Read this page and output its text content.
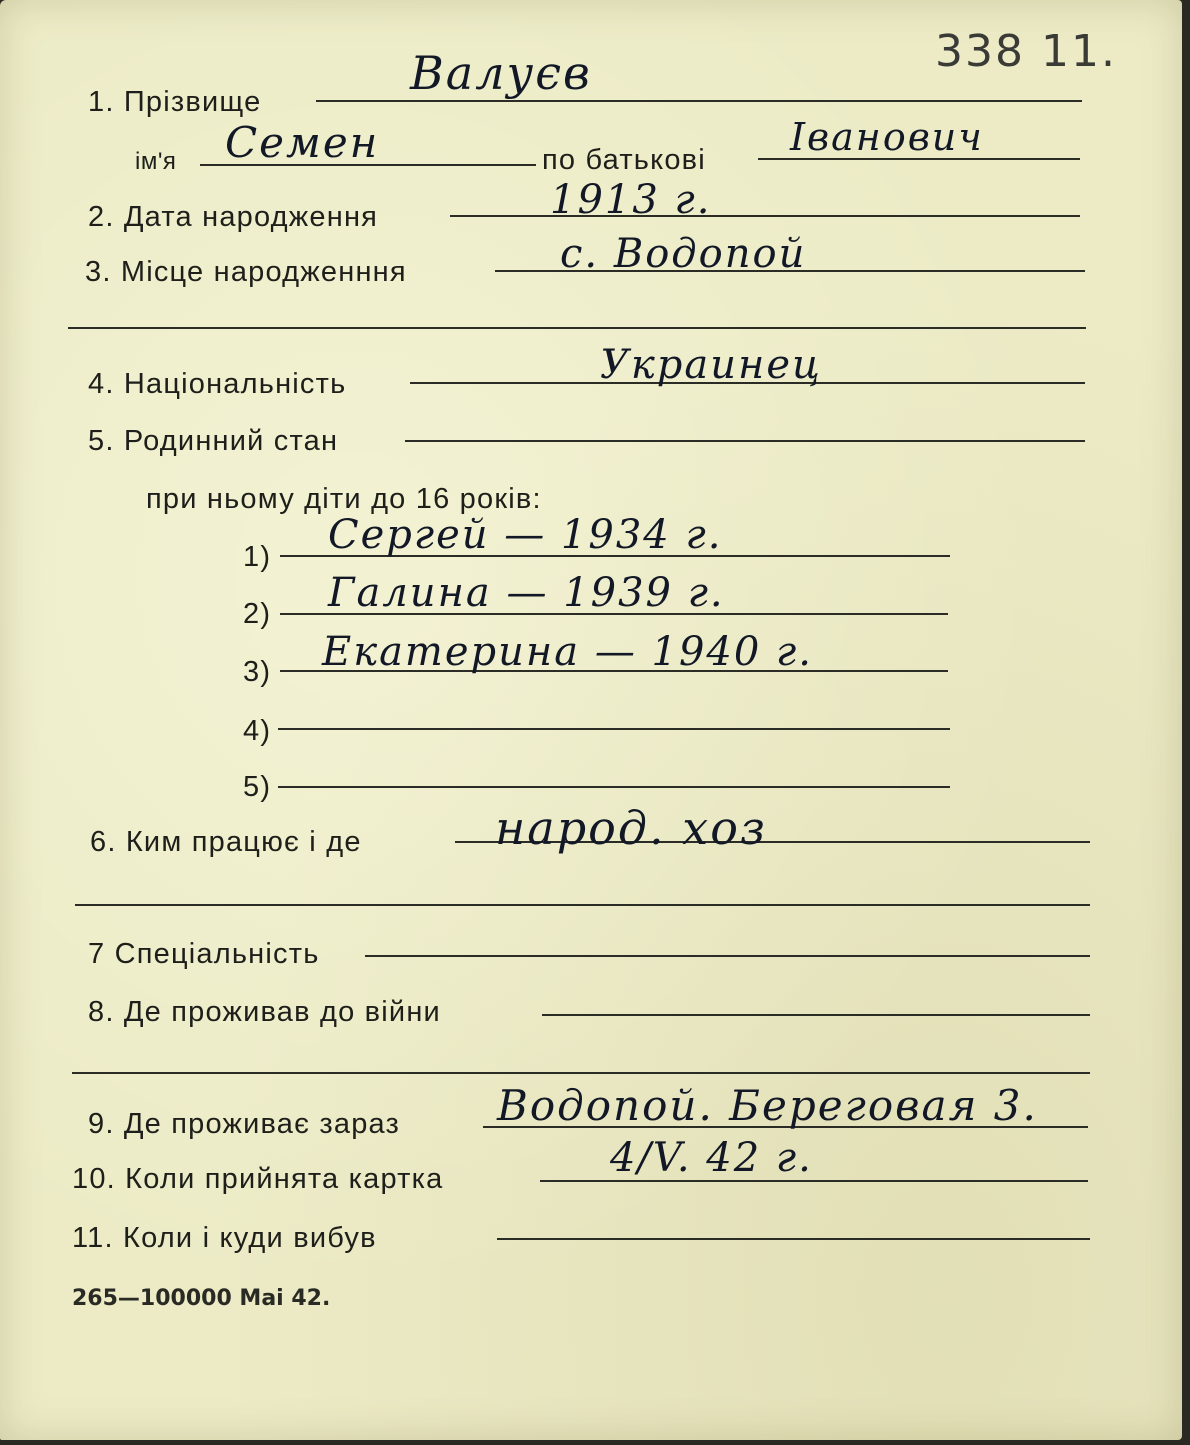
338 11.
1. Прізвище
Валуєв
ім'я Семен	по батькові
Іванович
2. Дата народження	1913 г.
3. Місце народженння	с. Водопой
4. Національність	Украинец
5. Родинний стан
при ньому діти до 16 років:
1) Сергей — 1934 г.
2) Галина — 1939 г.
3) Екатерина — 1940 г.
4)
5)
6. Ким працює і де	народ. хоз
7 Спеціальність
8. Де проживав до війни
9. Де проживає зараз Водопой. Береговая 3.
10. Коли прийнята картка	4/V. 42 г.
11. Коли і куди вибув
265—100000 Mai 42.
